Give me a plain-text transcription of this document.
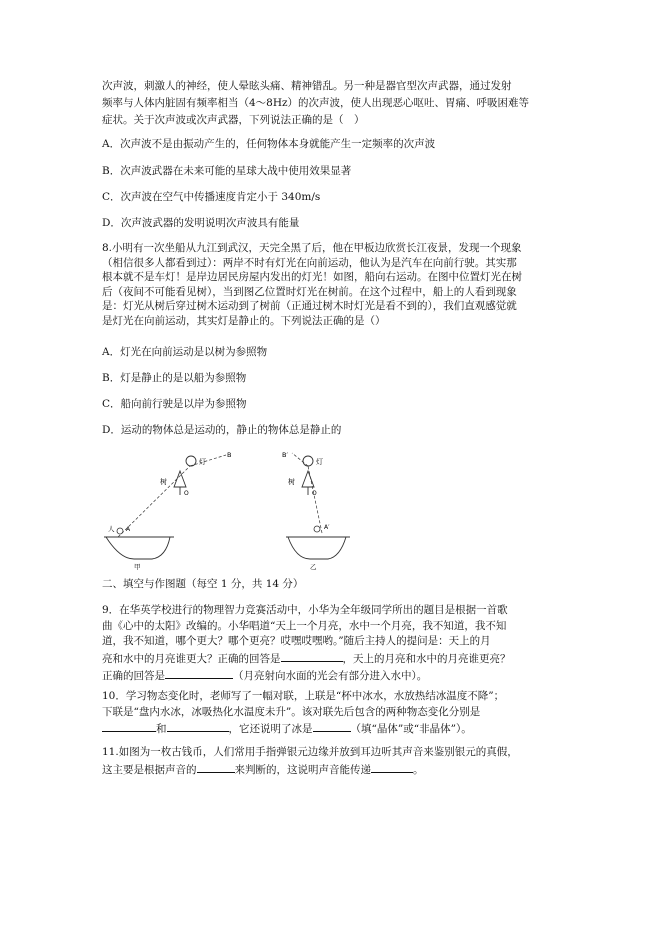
次声波，刺激人的神经，使人晕眩头痛、精神错乱。另一种是器官型次声武器，通过发射
频率与人体内脏固有频率相当（4～8Hz）的次声波，使人出现恶心呕吐、胃痛、呼吸困难等
症状。关于次声波或次声武器，下列说法正确的是（　）

A．次声波不是由振动产生的，任何物体本身就能产生一定频率的次声波

B．次声波武器在未来可能的星球大战中使用效果显著

C．次声波在空气中传播速度肯定小于 340m/s

D．次声波武器的发明说明次声波具有能量

8.小明有一次坐船从九江到武汉，天完全黑了后，他在甲板边欣赏长江夜景，发现一个现象
（相信很多人都看到过）：两岸不时有灯光在向前运动，他认为是汽车在向前行驶。其实那
根本就不是车灯！是岸边居民房屋内发出的灯光！如图，船向右运动。在图中位置灯光在树
后（夜间不可能看见树），当到图乙位置时灯光在树前。在这个过程中，船上的人看到现象
是：灯光从树后穿过树木运动到了树前（正通过树木时灯光是看不到的），我们直观感觉就
是灯光在向前运动，其实灯是静止的。下列说法正确的是（）

A．灯光在向前运动是以树为参照物

B．灯是静止的是以船为参照物

C．船向前行驶是以岸为参照物

D．运动的物体总是运动的，静止的物体总是静止的

灯
B
树
O
人 A
甲
灯
B′
树
O
A′
乙

二、填空与作图题（每空 1 分，共 14 分）

9．在华英学校进行的物理智力竞赛活动中，小华为全年级同学所出的题目是根据一首歌
曲《心中的太阳》改编的。小华唱道“天上一个月亮，水中一个月亮，我不知道，我不知
道，我不知道，哪个更大？哪个更亮？哎嘿哎嘿哟。”随后主持人的提问是：天上的月
亮和水中的月亮谁更大？正确的回答是	，天上的月亮和水中的月亮谁更亮？
正确的回答是	（月亮射向水面的光会有部分进入水中）。

10．学习物态变化时，老师写了一幅对联，上联是“杯中冰水，水放热结冰温度不降”；
下联是“盘内水冰，冰吸热化水温度未升”。该对联先后包含的两种物态变化分别是
和	，它还说明了冰是	（填“晶体”或“非晶体”）。

11.如图为一枚古钱币，人们常用手指弹银元边缘并放到耳边听其声音来鉴别银元的真假，
这主要是根据声音的	来判断的，这说明声音能传递	。
